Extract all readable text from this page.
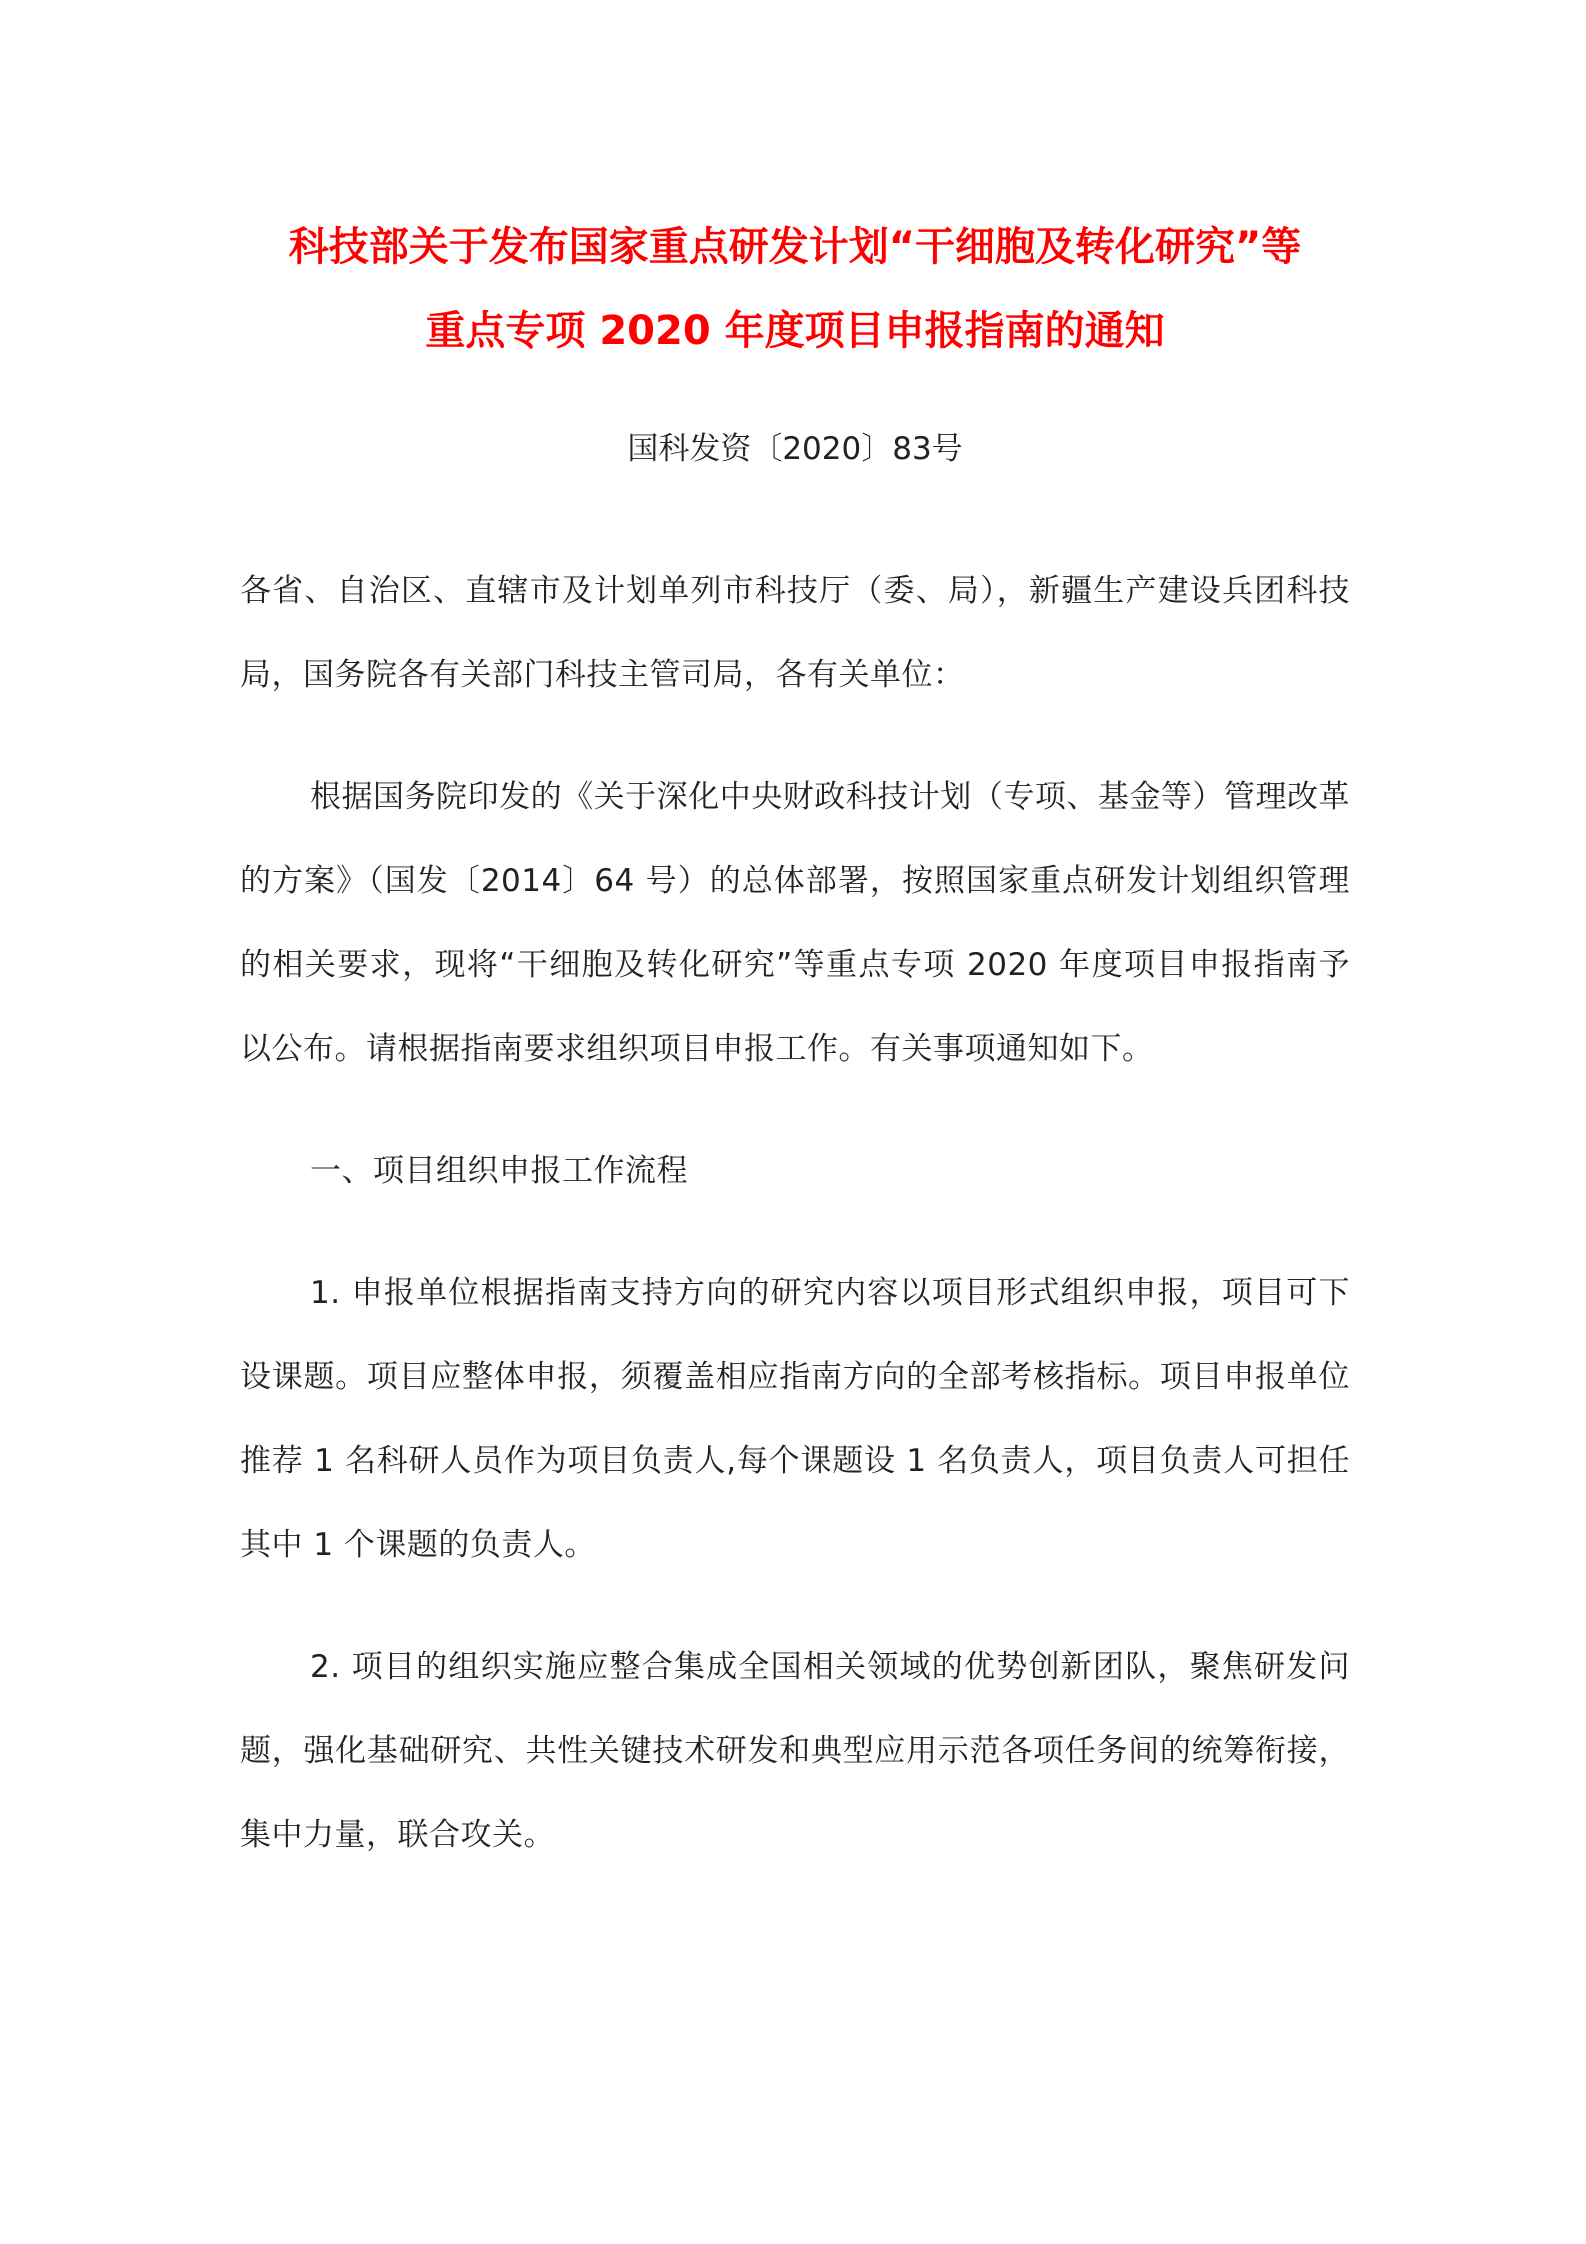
科技部关于发布国家重点研发计划“干细胞及转化研究”等
重点专项 2020 年度项目申报指南的通知

国科发资〔2020〕83号

各省、自治区、直辖市及计划单列市科技厅（委、局），新疆生产建设兵团科技局，国务院各有关部门科技主管司局，各有关单位：

根据国务院印发的《关于深化中央财政科技计划（专项、基金等）管理改革的方案》（国发〔2014〕64 号）的总体部署，按照国家重点研发计划组织管理的相关要求，现将“干细胞及转化研究”等重点专项 2020 年度项目申报指南予以公布。请根据指南要求组织项目申报工作。有关事项通知如下。

一、项目组织申报工作流程

1. 申报单位根据指南支持方向的研究内容以项目形式组织申报，项目可下设课题。项目应整体申报，须覆盖相应指南方向的全部考核指标。项目申报单位推荐 1 名科研人员作为项目负责人,每个课题设 1 名负责人，项目负责人可担任其中 1 个课题的负责人。

2. 项目的组织实施应整合集成全国相关领域的优势创新团队，聚焦研发问题，强化基础研究、共性关键技术研发和典型应用示范各项任务间的统筹衔接，集中力量，联合攻关。
